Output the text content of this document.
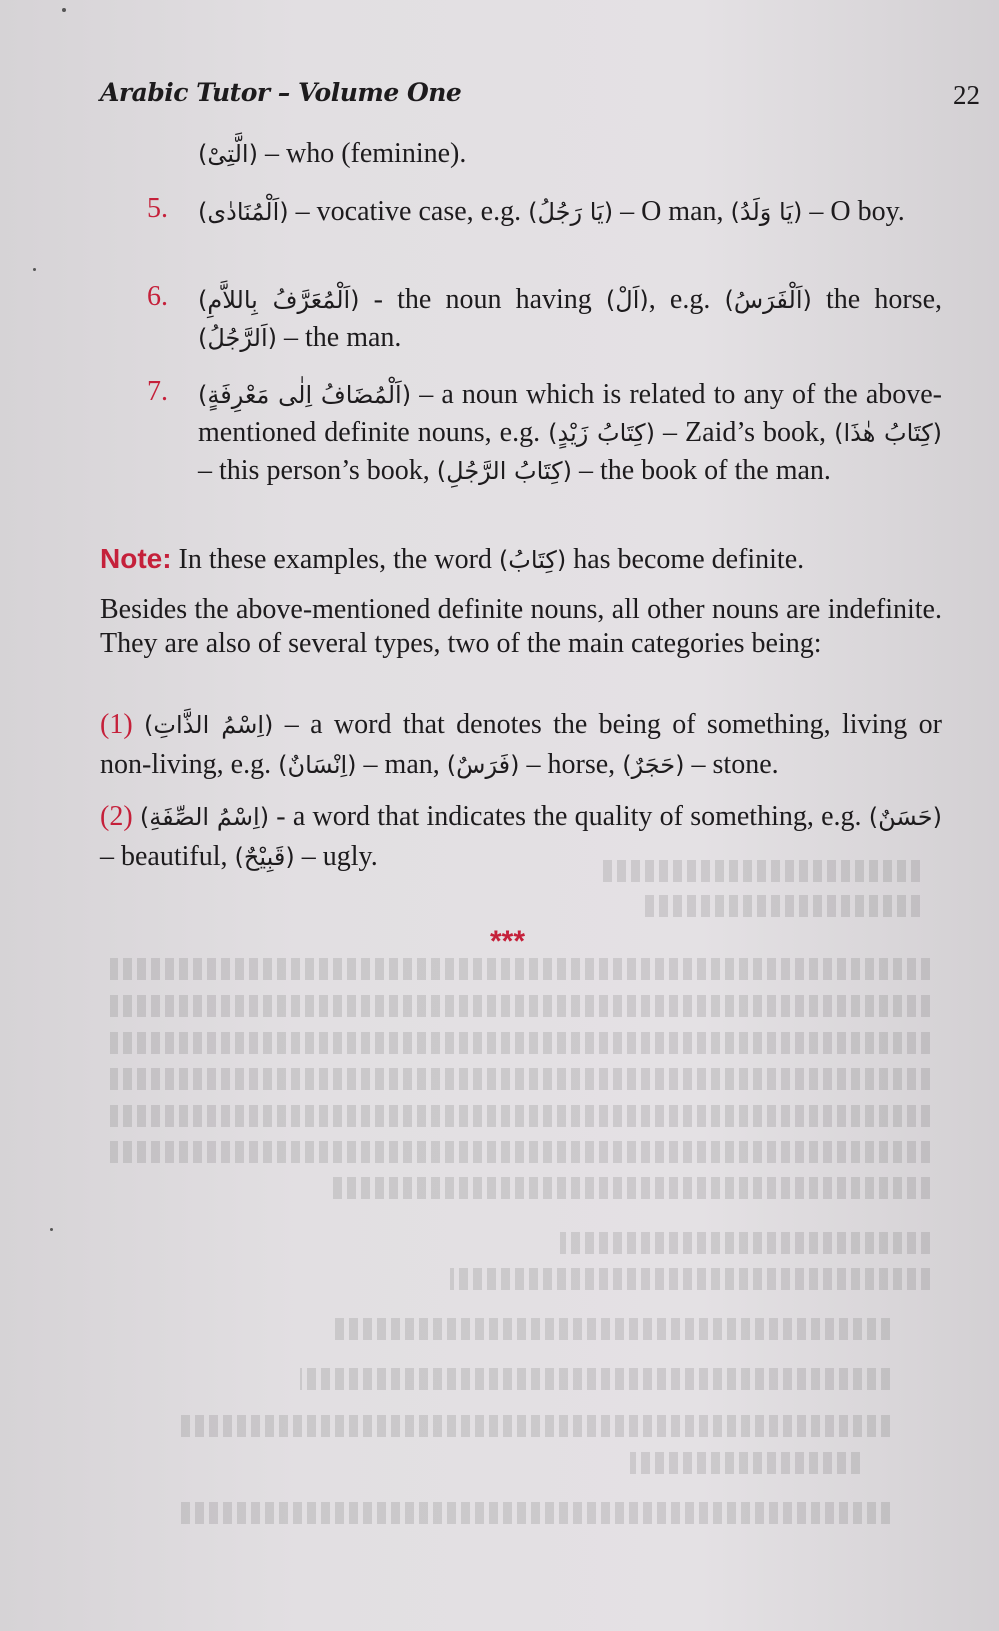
Arabic Tutor – Volume One	22
(الَّتِىْ) – who (feminine).
5. (اَلْمُنَادٰى) – vocative case, e.g. (يَا رَجُلُ) – O man, (يَا وَلَدُ) – O boy.
6. (اَلْمُعَرَّفُ بِاللاَّمِ) - the noun having (اَلْ), e.g. (اَلْفَرَسُ) the horse, (اَلرَّجُلُ) – the man.
7. (اَلْمُضَافُ اِلٰى مَعْرِفَةٍ) – a noun which is related to any of the above-mentioned definite nouns, e.g. (كِتَابُ زَيْدٍ) – Zaid’s book, (كِتَابُ هٰذَا) – this person’s book, (كِتَابُ الرَّجُلِ) – the book of the man.
Note: In these examples, the word (كِتَابُ) has become definite.
Besides the above-mentioned definite nouns, all other nouns are indefinite. They are also of several types, two of the main categories being:
(1) (اِسْمُ الذَّاتِ) – a word that denotes the being of something, living or non-living, e.g. (اِنْسَانٌ) – man, (فَرَسٌ) – horse, (حَجَرٌ) – stone.
(2) (اِسْمُ الصِّفَةِ) - a word that indicates the quality of something, e.g. (حَسَنٌ) – beautiful, (قَبِيْحٌ) – ugly.
***
